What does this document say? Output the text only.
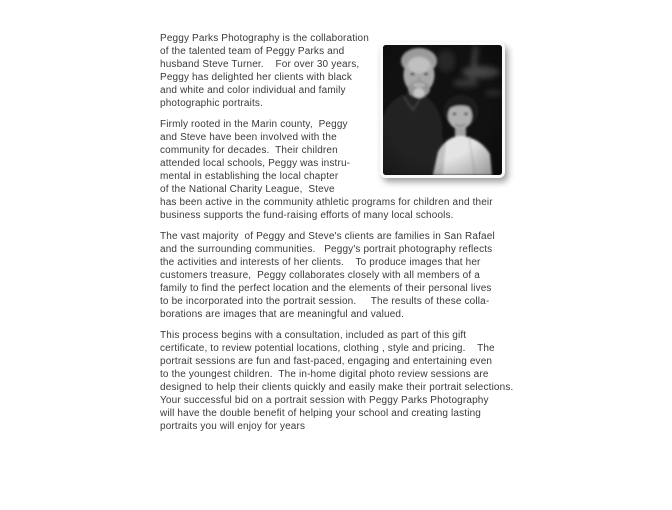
Peggy Parks Photography is the collaboration
of the talented team of Peggy Parks and
husband Steve Turner.    For over 30 years,
Peggy has delighted her clients with black
and white and color individual and family
photographic portraits.
Firmly rooted in the Marin county,  Peggy
and Steve have been involved with the
community for decades.  Their children
attended local schools, Peggy was instru-
mental in establishing the local chapter
of the National Charity League,  Steve
has been active in the community athletic programs for children and their
business supports the fund-raising efforts of many local schools.
The vast majority  of Peggy and Steve's clients are families in San Rafael
and the surrounding communities.   Peggy's portrait photography reflects
the activities and interests of her clients.    To produce images that her
customers treasure,  Peggy collaborates closely with all members of a
family to find the perfect location and the elements of their personal lives
to be incorporated into the portrait session.     The results of these colla-
borations are images that are meaningful and valued.
This process begins with a consultation, included as part of this gift
certificate, to review potential locations, clothing , style and pricing.    The
portrait sessions are fun and fast-paced, engaging and entertaining even
to the youngest children.  The in-home digital photo review sessions are
designed to help their clients quickly and easily make their portrait selections.
Your successful bid on a portrait session with Peggy Parks Photography
will have the double benefit of helping your school and creating lasting
portraits you will enjoy for years
